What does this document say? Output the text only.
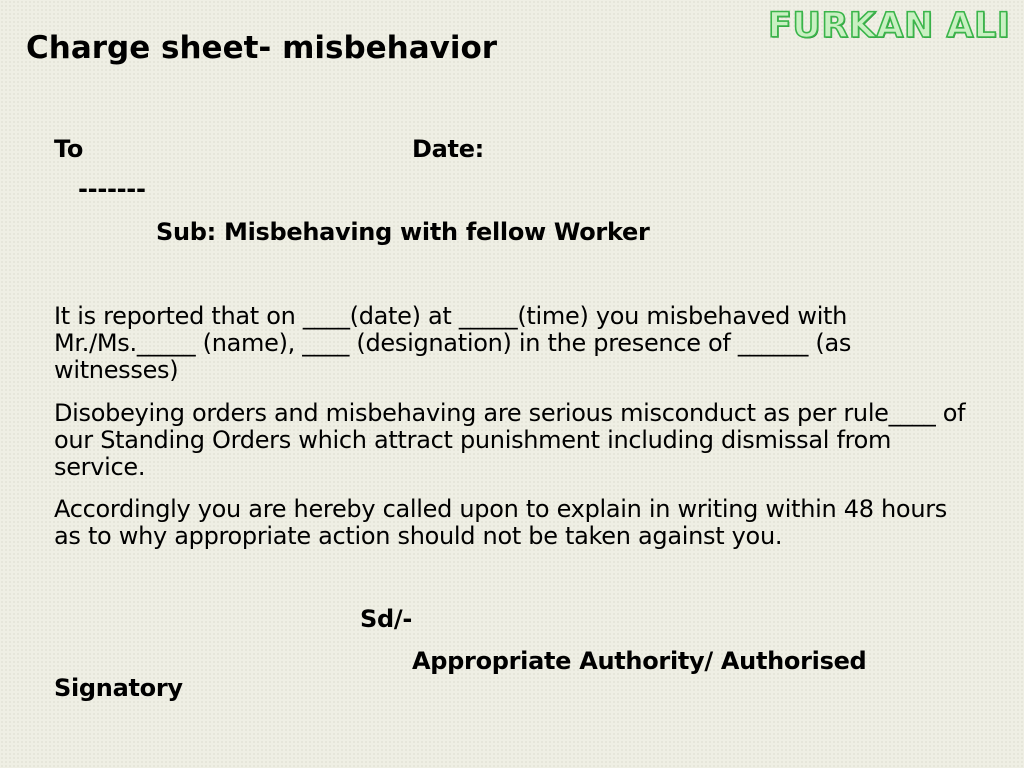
Charge sheet- misbehavior
FURKAN ALI
To	Date:
-------
Sub: Misbehaving with fellow Worker

It is reported that on ____(date) at _____(time) you misbehaved with Mr./Ms._____ (name), ____ (designation) in the presence of ______ (as witnesses)

Disobeying orders and misbehaving are serious misconduct as per rule____ of our Standing Orders which attract punishment including dismissal from service.

Accordingly you are hereby called upon to explain in writing within 48 hours as to why appropriate action should not be taken against you.

Sd/-
Appropriate Authority/ Authorised
Signatory
